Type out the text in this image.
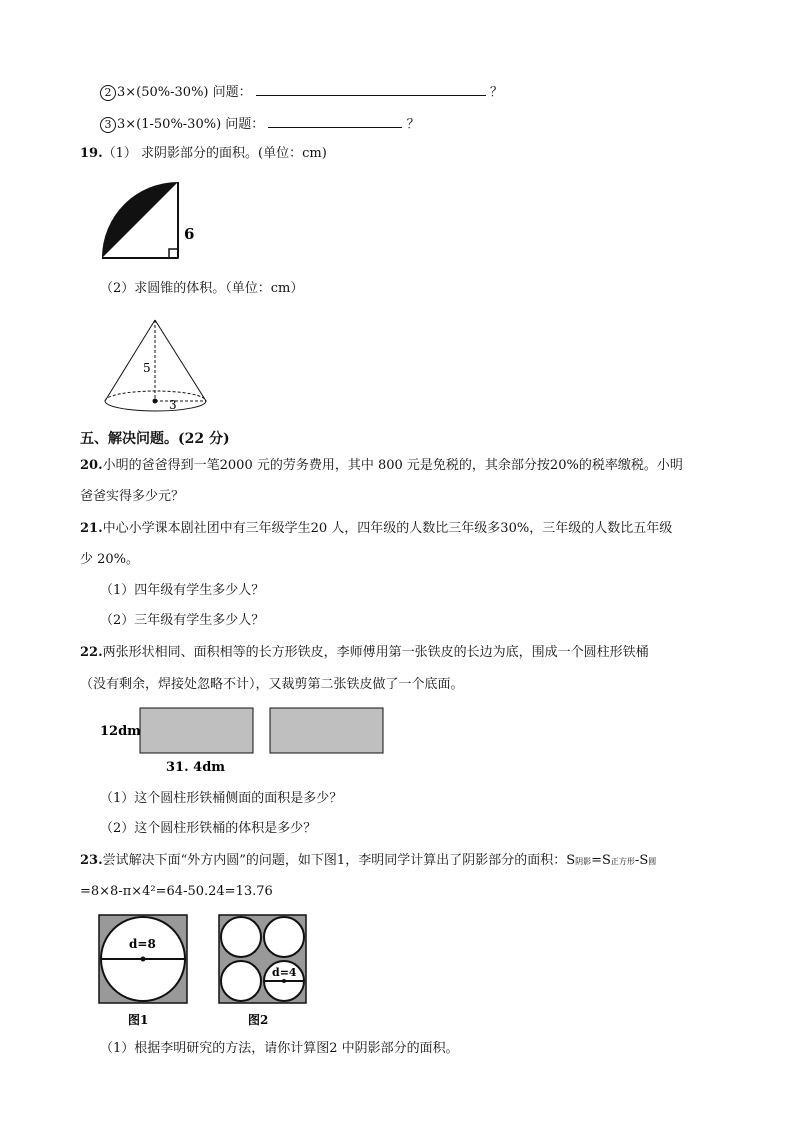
2 3×(50%-30%) 问题：	？
3 3×(1-50%-30%) 问题：	？
19.（1） 求阴影部分的面积。(单位：cm)
6
（2）求圆锥的体积。（单位：cm）
5
3
五、解决问题。(22 分)
20.小明的爸爸得到一笔2000 元的劳务费用，其中 800 元是免税的，其余部分按20%的税率缴税。小明
爸爸实得多少元？
21.中心小学课本剧社团中有三年级学生20 人，四年级的人数比三年级多30%，三年级的人数比五年级
少 20%。
（1）四年级有学生多少人？
（2）三年级有学生多少人？
22.两张形状相同、面积相等的长方形铁皮，李师傅用第一张铁皮的长边为底，围成一个圆柱形铁桶
（没有剩余，焊接处忽略不计），又裁剪第二张铁皮做了一个底面。
12dm
31. 4dm
（1）这个圆柱形铁桶侧面的面积是多少？
（2）这个圆柱形铁桶的体积是多少？
23.尝试解决下面“外方内圆”的问题，如下图1，李明同学计算出了阴影部分的面积：S阴影=S正方形-S圆
=8×8-π×4²=64-50.24=13.76
d=8
图1
d=4
图2
（1）根据李明研究的方法，请你计算图2 中阴影部分的面积。
